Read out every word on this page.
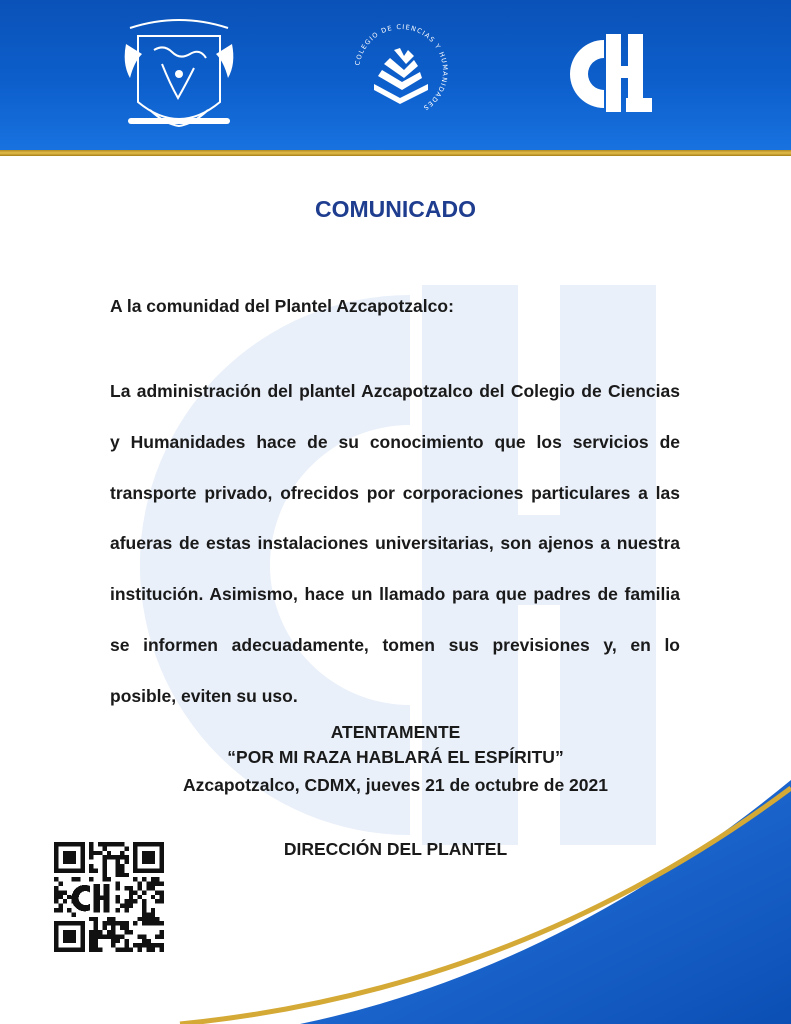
COLEGIO DE CIENCIAS Y HUMANIDADES
COMUNICADO

A la comunidad del Plantel Azcapotzalco:

La administración del plantel Azcapotzalco del Colegio de Ciencias y Humanidades hace de su conocimiento que los servicios de transporte privado, ofrecidos por corporaciones particulares a las afueras de estas instalaciones universitarias, son ajenos a nuestra institución. Asimismo, hace un llamado para que padres de familia se informen adecuadamente, tomen sus previsiones y, en lo posible, eviten su uso.

ATENTAMENTE

“POR MI RAZA HABLARÁ EL ESPÍRITU”

Azcapotzalco, CDMX, jueves 21 de octubre de 2021

DIRECCIÓN DEL PLANTEL
